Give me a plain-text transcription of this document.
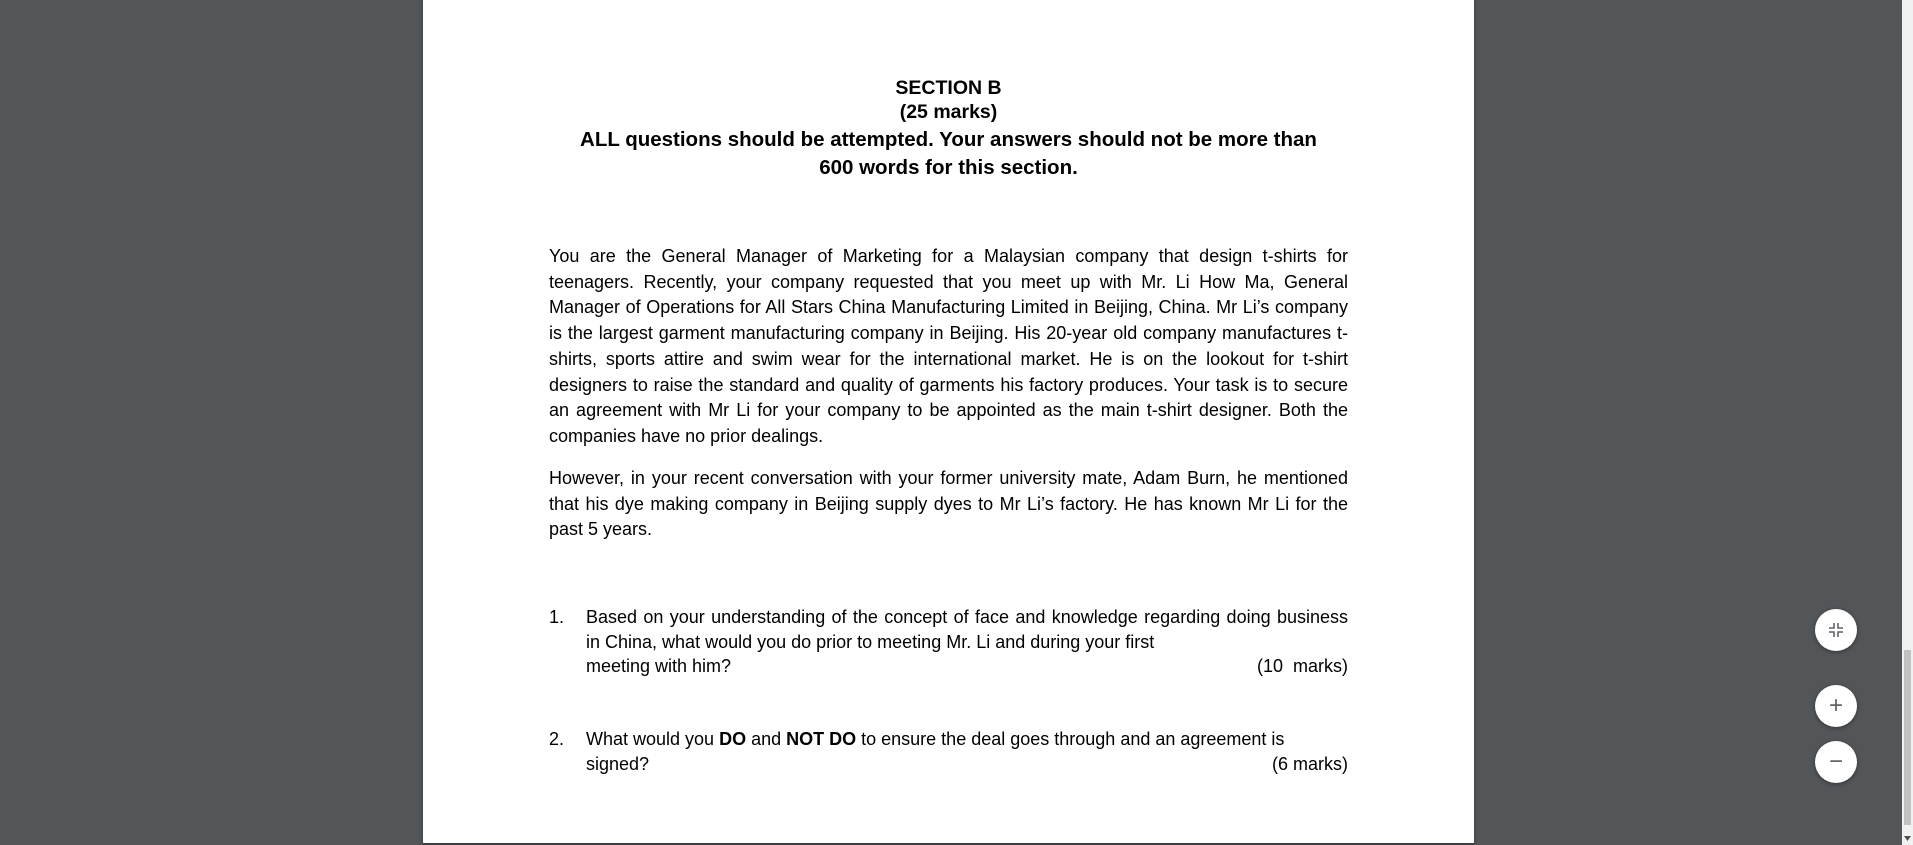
SECTION B
(25 marks)
ALL questions should be attempted. Your answers should not be more than
600 words for this section.

You are the General Manager of Marketing for a Malaysian company that design t-shirts for teenagers. Recently, your company requested that you meet up with Mr. Li How Ma, General Manager of Operations for All Stars China Manufacturing Limited in Beijing, China. Mr Li’s company is the largest garment manufacturing company in Beijing. His 20-year old company manufactures t-shirts, sports attire and swim wear for the international market. He is on the lookout for t-shirt designers to raise the standard and quality of garments his factory produces. Your task is to secure an agreement with Mr Li for your company to be appointed as the main t-shirt designer. Both the companies have no prior dealings.

However, in your recent conversation with your former university mate, Adam Burn, he mentioned that his dye making company in Beijing supply dyes to Mr Li’s factory. He has known Mr Li for the past 5 years.

1.	Based on your understanding of the concept of face and knowledge regarding doing business in China, what would you do prior to meeting Mr. Li and during your first
meeting with him?	(10  marks)
2.	What would you DO and NOT DO to ensure the deal goes through and an agreement is
signed?	(6 marks)
+
−
